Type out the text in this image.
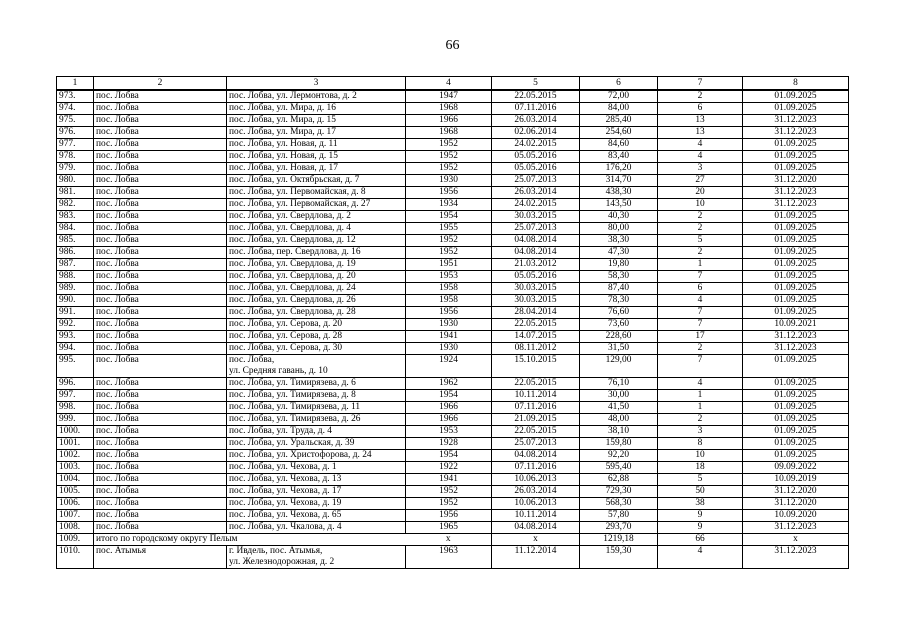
66
1	2	3	4	5	6	7	8
973.	пос. Лобва	пос. Лобва, ул. Лермонтова, д. 2	1947	22.05.2015	72,00	2	01.09.2025
974.	пос. Лобва	пос. Лобва, ул. Мира, д. 16	1968	07.11.2016	84,00	6	01.09.2025
975.	пос. Лобва	пос. Лобва, ул. Мира, д. 15	1966	26.03.2014	285,40	13	31.12.2023
976.	пос. Лобва	пос. Лобва, ул. Мира, д. 17	1968	02.06.2014	254,60	13	31.12.2023
977.	пос. Лобва	пос. Лобва, ул. Новая, д. 11	1952	24.02.2015	84,60	4	01.09.2025
978.	пос. Лобва	пос. Лобва, ул. Новая, д. 15	1952	05.05.2016	83,40	4	01.09.2025
979.	пос. Лобва	пос. Лобва, ул. Новая, д. 17	1952	05.05.2016	176,20	3	01.09.2025
980.	пос. Лобва	пос. Лобва, ул. Октябрьская, д. 7	1930	25.07.2013	314,70	27	31.12.2020
981.	пос. Лобва	пос. Лобва, ул. Первомайская, д. 8	1956	26.03.2014	438,30	20	31.12.2023
982.	пос. Лобва	пос. Лобва, ул. Первомайская, д. 27	1934	24.02.2015	143,50	10	31.12.2023
983.	пос. Лобва	пос. Лобва, ул. Свердлова, д. 2	1954	30.03.2015	40,30	2	01.09.2025
984.	пос. Лобва	пос. Лобва, ул. Свердлова, д. 4	1955	25.07.2013	80,00	2	01.09.2025
985.	пос. Лобва	пос. Лобва, ул. Свердлова, д. 12	1952	04.08.2014	38,30	5	01.09.2025
986.	пос. Лобва	пос. Лобва, пер. Свердлова, д. 16	1952	04.08.2014	47,30	2	01.09.2025
987.	пос. Лобва	пос. Лобва, ул. Свердлова, д. 19	1951	21.03.2012	19,80	1	01.09.2025
988.	пос. Лобва	пос. Лобва, ул. Свердлова, д. 20	1953	05.05.2016	58,30	7	01.09.2025
989.	пос. Лобва	пос. Лобва, ул. Свердлова, д. 24	1958	30.03.2015	87,40	6	01.09.2025
990.	пос. Лобва	пос. Лобва, ул. Свердлова, д. 26	1958	30.03.2015	78,30	4	01.09.2025
991.	пос. Лобва	пос. Лобва, ул. Свердлова, д. 28	1956	28.04.2014	76,60	7	01.09.2025
992.	пос. Лобва	пос. Лобва, ул. Серова, д. 20	1930	22.05.2015	73,60	7	10.09.2021
993.	пос. Лобва	пос. Лобва, ул. Серова, д. 28	1941	14.07.2015	228,60	17	31.12.2023
994.	пос. Лобва	пос. Лобва, ул. Серова, д. 30	1930	08.11.2012	31,50	2	31.12.2023
995.	пос. Лобва	пос. Лобва,
ул. Средняя гавань, д. 10	1924	15.10.2015	129,00	7	01.09.2025
996.	пос. Лобва	пос. Лобва, ул. Тимирязева, д. 6	1962	22.05.2015	76,10	4	01.09.2025
997.	пос. Лобва	пос. Лобва, ул. Тимирязева, д. 8	1954	10.11.2014	30,00	1	01.09.2025
998.	пос. Лобва	пос. Лобва, ул. Тимирязева, д. 11	1966	07.11.2016	41,50	1	01.09.2025
999.	пос. Лобва	пос. Лобва, ул. Тимирязева, д. 26	1966	21.09.2015	48,00	2	01.09.2025
1000.	пос. Лобва	пос. Лобва, ул. Труда, д. 4	1953	22.05.2015	38,10	3	01.09.2025
1001.	пос. Лобва	пос. Лобва, ул. Уральская, д. 39	1928	25.07.2013	159,80	8	01.09.2025
1002.	пос. Лобва	пос. Лобва, ул. Христофорова, д. 24	1954	04.08.2014	92,20	10	01.09.2025
1003.	пос. Лобва	пос. Лобва, ул. Чехова, д. 1	1922	07.11.2016	595,40	18	09.09.2022
1004.	пос. Лобва	пос. Лобва, ул. Чехова, д. 13	1941	10.06.2013	62,88	5	10.09.2019
1005.	пос. Лобва	пос. Лобва, ул. Чехова, д. 17	1952	26.03.2014	729,30	50	31.12.2020
1006.	пос. Лобва	пос. Лобва, ул. Чехова, д. 19	1952	10.06.2013	568,30	38	31.12.2020
1007.	пос. Лобва	пос. Лобва, ул. Чехова, д. 65	1956	10.11.2014	57,80	9	10.09.2020
1008.	пос. Лобва	пос. Лобва, ул. Чкалова, д. 4	1965	04.08.2014	293,70	9	31.12.2023
1009.	итого по городскому округу Пелым		x	x	1219,18	66	x
1010.	пос. Атымья	г. Ивдель, пос. Атымья,
ул. Железнодорожная, д. 2	1963	11.12.2014	159,30	4	31.12.2023
